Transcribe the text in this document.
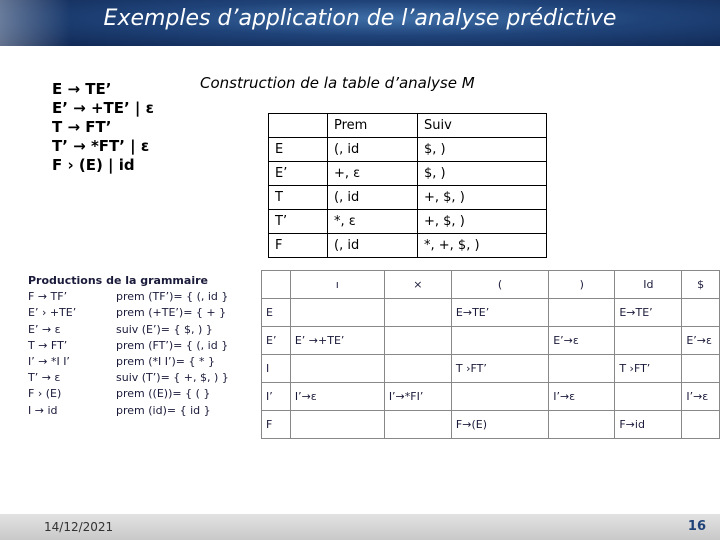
Exemples d’application de l’analyse prédictive
Construction de la table d’analyse M
E → TE’
E’ → +TE’ | ε
T → FT’
T’ → *FT’ | ε
F › (E) | id
	Prem	Suiv
E	(, id	$, )
E’	+, ε	$, )
T	(, id	+, $, )
T’	*, ε	+, $, )
F	(, id	*, +, $, )
Productions de la grammaire
F → TF’	prem (TF’)= { (, id }
E’ › +TE’	prem (+TE’)= { + }
E’ → ε	suiv (E’)= { $, ) }
T → FT’	prem (FT’)= { (, id }
I’ → *I I’	prem (*I I’)= { * }
T’ → ε	suiv (T’)= { +, $, ) }
F › (E)	prem ((E))= { ( }
I → id	prem (id)= { id }
	ı	×	(	)	Id	$
E			E→TE’		E→TE’	
E’	E’ →+TE’			E’→ε		E’→ε
I			T ›FT’		T ›FT’	
I’	I’→ε	I’→*FI’		I’→ε		I’→ε
F			F→(E)		F→id	
14/12/2021	16
